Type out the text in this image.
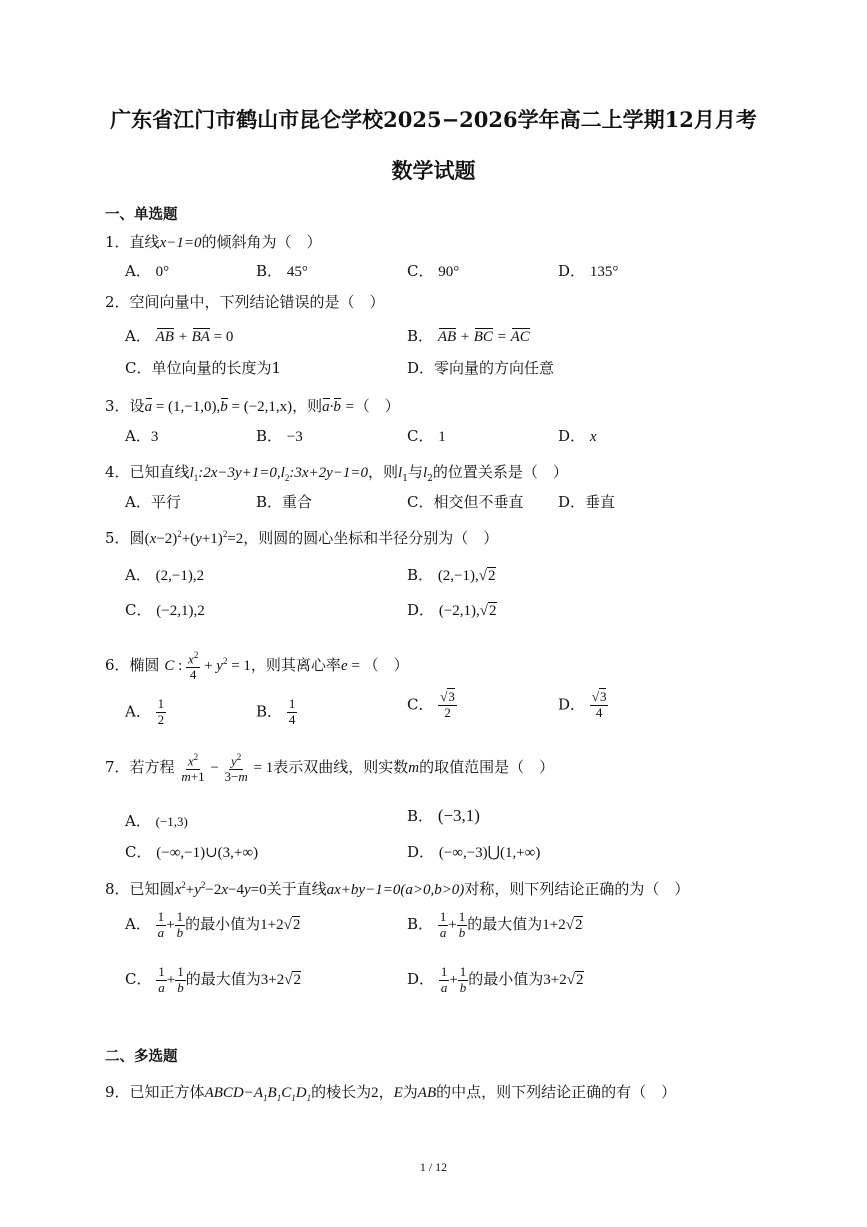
广东省江门市鹤山市昆仑学校2025−2026学年高二上学期12月月考
数学试题
一、单选题
1．直线x−1=0的倾斜角为（　）
A． 0°	B． 45°	C． 90°	D． 135°
2．空间向量中，下列结论错误的是（　）
A． AB + BA = 0	B． AB + BC = AC
C．单位向量的长度为1	D．零向量的方向任意
3．设a = (1,−1,0),b = (−2,1,x)，则a·b =（　）
A．3	B． −3	C． 1	D． x
4．已知直线$l_1:2x-3y+1=0,l_2:3x+2y-1=0$，则$l_1$与$l_2$的位置关系是（　）
A．平行	B．重合	C．相交但不垂直 D．垂直
5．圆$(x-2)^2+(y+1)^2=2$，则圆的圆心坐标和半径分别为（　）
A． (2,−1),2	B． (2,−1),√2
C． (−2,1),2	D． (−2,1),√2
6．椭圆 C : $\frac{x^2}{4} + y^2 = 1$，则其离心率e = （　）
A． $\frac{1}{2}$	B． $\frac{1}{4}$	C． $\frac{√3}{2}$	D． $\frac{√3}{4}$
7．若方程 $\frac{x^2}{m+1} - \frac{y^2}{3-m} = 1$表示双曲线，则实数m的取值范围是（　）
A． (−1,3)	B． (−3,1)
C． (−∞,−1)∪(3,+∞)	D． (−∞,−3)⋃(1,+∞)
8．已知圆$x^2+y^2-2x-4y=0$关于直线ax+by−1=0(a>0,b>0)对称，则下列结论正确的为（　）
A． $\frac{1}{a} + \frac{1}{b}$ 的最小值为1+2√2	B． $\frac{1}{a} + \frac{1}{b}$ 的最大值为1+2√2
C． $\frac{1}{a} + \frac{1}{b}$ 的最大值为3+2√2	D． $\frac{1}{a} + \frac{1}{b}$ 的最小值为3+2√2
二、多选题
9．已知正方体$ABCD-A_1B_1C_1D_1$的棱长为2，E为AB的中点，则下列结论正确的有（　）
1 / 12
